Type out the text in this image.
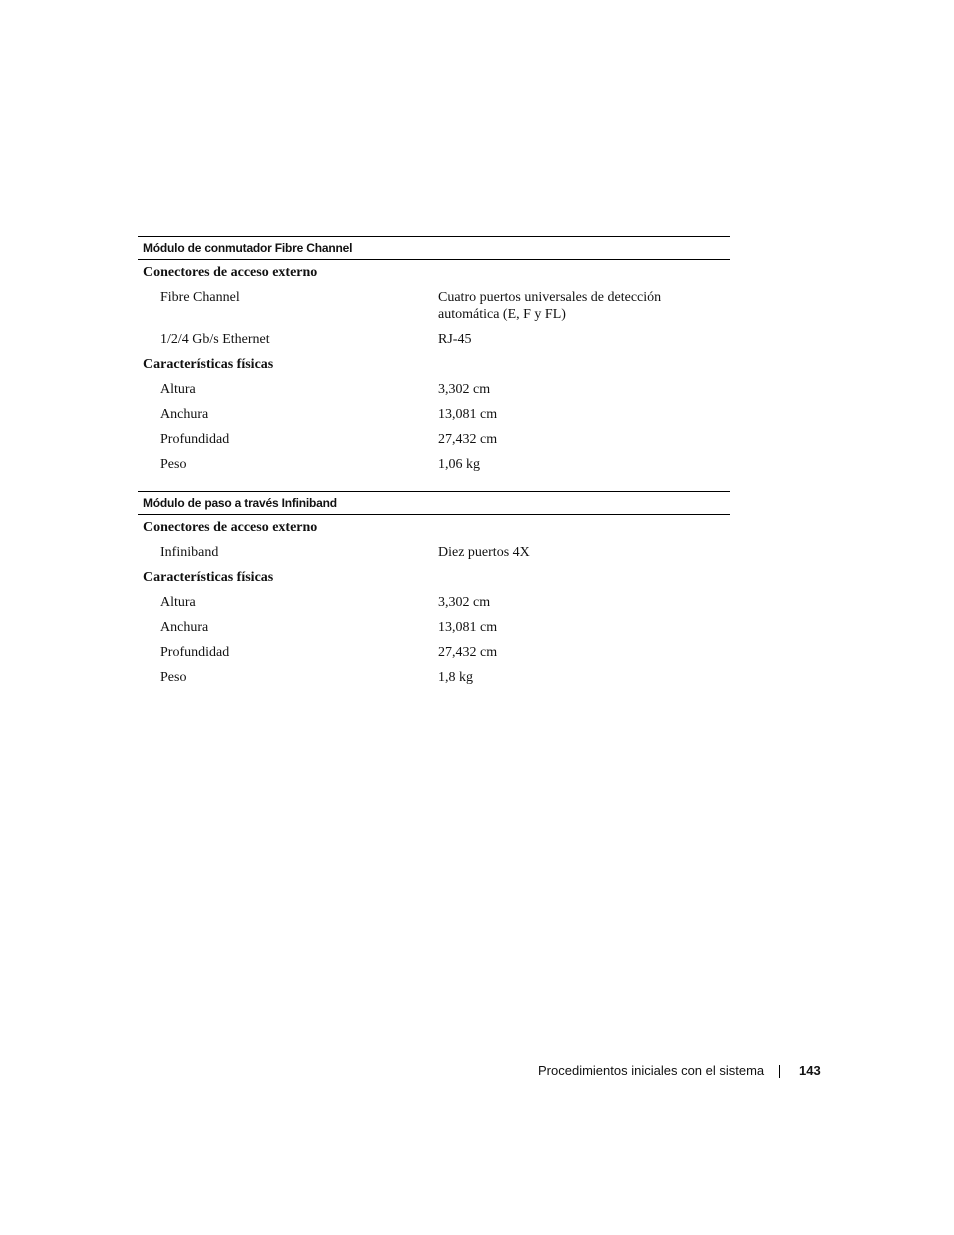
Módulo de conmutador Fibre Channel
Conectores de acceso externo
Fibre Channel	Cuatro puertos universales de detección
automática (E, F y FL)
1/2/4 Gb/s Ethernet	RJ-45
Características físicas
Altura	3,302 cm
Anchura	13,081 cm
Profundidad	27,432 cm
Peso	1,06 kg
Módulo de paso a través Infiniband
Conectores de acceso externo
Infiniband	Diez puertos 4X
Características físicas
Altura	3,302 cm
Anchura	13,081 cm
Profundidad	27,432 cm
Peso	1,8 kg
Procedimientos iniciales con el sistema	143
